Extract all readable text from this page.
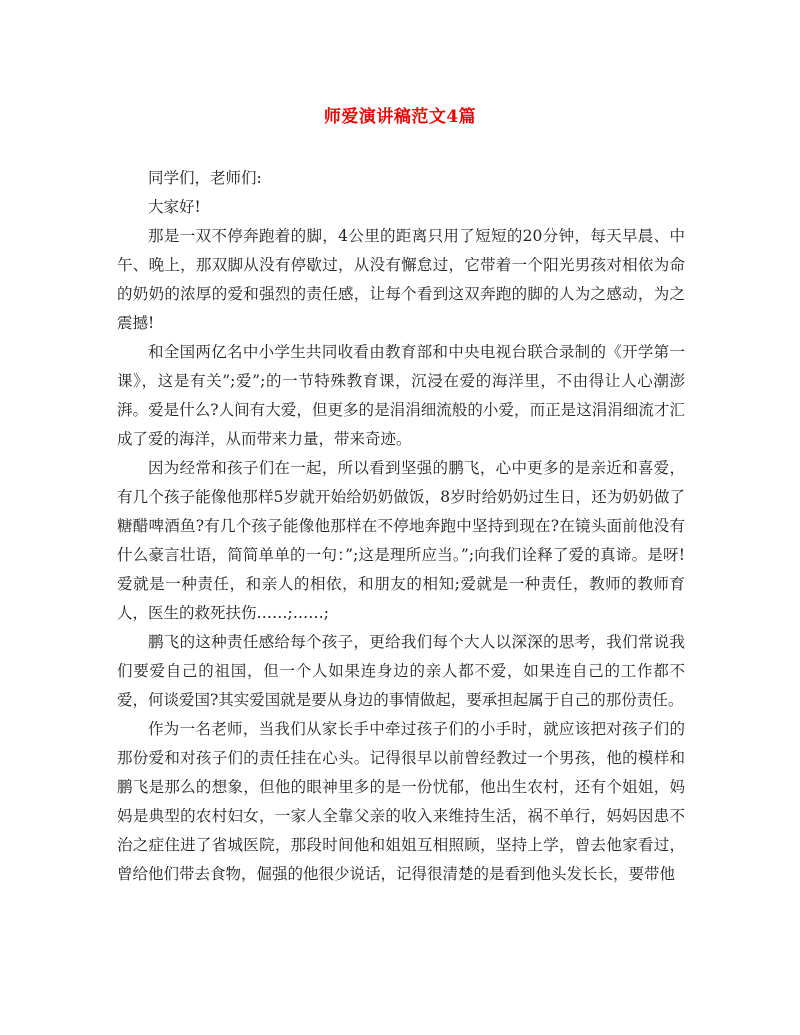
师爱演讲稿范文4篇

同学们，老师们:

大家好!

那是一双不停奔跑着的脚，4公里的距离只用了短短的20分钟，每天早晨、中午、晚上，那双脚从没有停歇过，从没有懈怠过，它带着一个阳光男孩对相依为命的奶奶的浓厚的爱和强烈的责任感，让每个看到这双奔跑的脚的人为之感动，为之震撼!

和全国两亿名中小学生共同收看由教育部和中央电视台联合录制的《开学第一课》，这是有关”;爱”;的一节特殊教育课，沉浸在爱的海洋里，不由得让人心潮澎湃。爱是什么?人间有大爱，但更多的是涓涓细流般的小爱，而正是这涓涓细流才汇成了爱的海洋，从而带来力量，带来奇迹。

因为经常和孩子们在一起，所以看到坚强的鹏飞，心中更多的是亲近和喜爱，有几个孩子能像他那样5岁就开始给奶奶做饭，8岁时给奶奶过生日，还为奶奶做了糖醋啤酒鱼?有几个孩子能像他那样在不停地奔跑中坚持到现在?在镜头面前他没有什么豪言壮语，简简单单的一句：”;这是理所应当。”;向我们诠释了爱的真谛。是呀!爱就是一种责任，和亲人的相依，和朋友的相知;爱就是一种责任，教师的教师育人，医生的救死扶伤……;……;

鹏飞的这种责任感给每个孩子，更给我们每个大人以深深的思考，我们常说我们要爱自己的祖国，但一个人如果连身边的亲人都不爱，如果连自己的工作都不爱，何谈爱国?其实爱国就是要从身边的事情做起，要承担起属于自己的那份责任。

作为一名老师，当我们从家长手中牵过孩子们的小手时，就应该把对孩子们的那份爱和对孩子们的责任挂在心头。记得很早以前曾经教过一个男孩，他的模样和鹏飞是那么的想象，但他的眼神里多的是一份忧郁，他出生农村，还有个姐姐，妈妈是典型的农村妇女，一家人全靠父亲的收入来维持生活，祸不单行，妈妈因患不治之症住进了省城医院，那段时间他和姐姐互相照顾，坚持上学，曾去他家看过，曾给他们带去食物，倔强的他很少说话，记得很清楚的是看到他头发长长，要带他
